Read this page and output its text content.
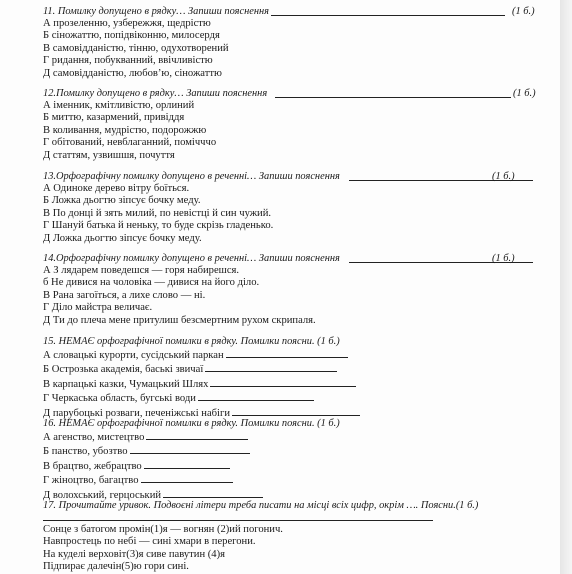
11. Помилку допущено в рядку… Запиши пояснення	(1 б.)
А прозеленню, узбережжя, щедрістю
Б сіножаттю, попідвіконню, милосердя
В самовідданістю, тінню, одухотворений
Г ридання, побукванний, ввічливістю
Д самовідданістю, любов’ю, сіножаттю
12.Помилку допущено в рядку… Запиши пояснення	(1 б.)
А іменник, кмітливістю, орлиний
Б миттю, казармений, привіддя
В коливання, мудрістю, подорожжю
Г обітований, невблаганний, помічччо
Д статтям, узвишшя, почуття
13.Орфографічну помилку допущено в реченні… Запиши пояснення	(1 б.)
А Одиноке дерево вітру боїться.
Б Ложка дьогтю зіпсує бочку меду.
В По донці й зять милий, по невістці й син чужий.
Г Шануй батька й неньку, то буде скрізь гладенько.
Д Ложка дьогтю зіпсує бочку меду.
14.Орфографічну помилку допущено в реченні… Запиши пояснення	(1 б.)
А З лядарем поведешся — горя набирешся.
б Не дивися на чоловіка — дивися на його діло.
В Рана загоїться, а лихе слово — ні.
Г Діло майстра величає.
Д Ти до плеча мене притулиш безсмертним рухом скрипаля.
15. НЕМАЄ орфографічної помилки в рядку. Помилки поясни. (1 б.)
А словацькі курорти, сусідський паркан
Б Острозька академія, баські звичаї
В карпацькі казки, Чумацький Шлях
Г Черкаська область, бугські води
Д парубоцькі розваги, печеніжські набіги
16. НЕМАЄ орфографічної помилки в рядку. Помилки поясни. (1 б.)
А агенство, мистецтво
Б панство, убозтво
В брацтво, жебрацтво
Г жіноцтво, багацтво
Д волохський, герцоський
17. Прочитайте уривок. Подвоєні літери треба писати на місці всіх цифр, окрім …. Поясни.(1 б.)
Сонце з батогом промін(1)я — вогнян (2)ий погонич.
Навпростець по небі — сині хмари в перегони.
На куделі верховіт(3)я сиве павутин (4)я
Підпирає далечін(5)ю гори сині.
